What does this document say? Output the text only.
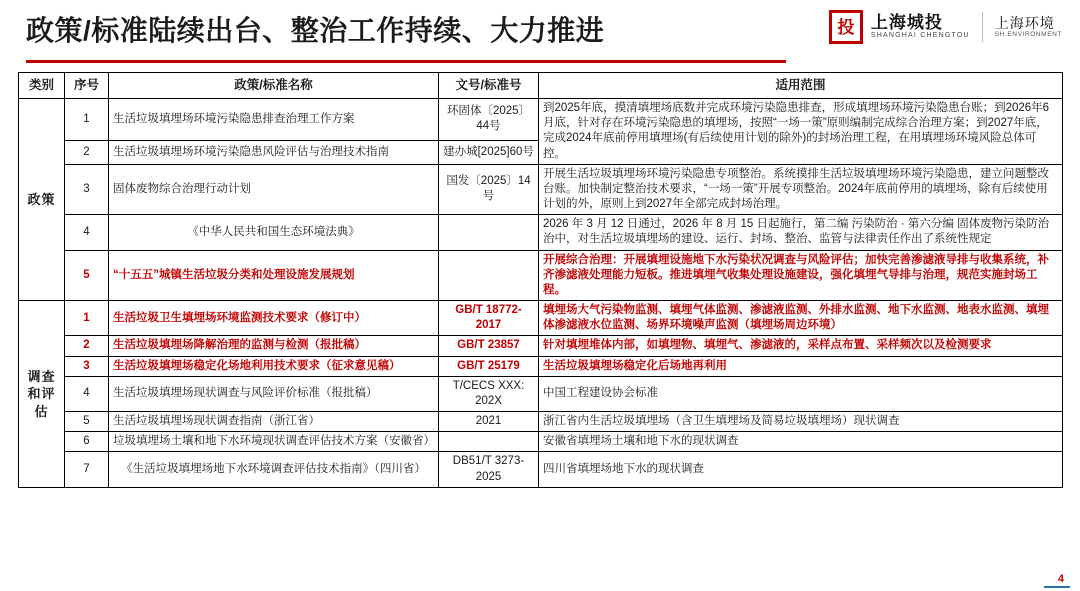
政策/标准陆续出台、整治工作持续、大力推进	投 上海城投
SHANGHAI CHENGTOU
上海环境
SH.ENVIRONMENT
类别	序号	政策/标准名称	文号/标准号	适用范围
政策	1	生活垃圾填埋场环境污染隐患排查治理工作方案	环固体〔2025〕44号	到2025年底，摸清填埋场底数并完成环境污染隐患排查，形成填埋场环境污染隐患台账；到2026年6月底，针对存在环境污染隐患的填埋场，按照“一场一策”原则编制完成综合治理方案；到2027年底，完成2024年底前停用填埋场(有后续使用计划的除外)的封场治理工程，在用填埋场环境风险总体可控。
	2	生活垃圾填埋场环境污染隐患风险评估与治理技术指南	建办城[2025]60号	
	3	固体废物综合治理行动计划	国发〔2025〕14号	开展生活垃圾填埋场环境污染隐患专项整治。系统摸排生活垃圾填埋场环境污染隐患，建立问题整改台账。加快制定整治技术要求，“一场一策”开展专项整治。2024年底前停用的填埋场，除有后续使用计划的外，原则上到2027年全部完成封场治理。
	4	《中华人民共和国生态环境法典》		2026 年 3 月 12 日通过，2026 年 8 月 15 日起施行，第二编 污染防治 · 第六分编 固体废物污染防治治中，对生活垃圾填埋场的建设、运行、封场、整治、监管与法律责任作出了系统性规定
	5	“十五五”城镇生活垃圾分类和处理设施发展规划		开展综合治理：开展填埋设施地下水污染状况调查与风险评估；加快完善渗滤液导排与收集系统，补齐渗滤液处理能力短板。推进填埋气收集处理设施建设，强化填埋气导排与治理，规范实施封场工程。
调查和评估	1	生活垃圾卫生填埋场环境监测技术要求（修订中）	GB/T 18772-2017	填埋场大气污染物监测、填埋气体监测、渗滤液监测、外排水监测、地下水监测、地表水监测、填埋体渗滤液水位监测、场界环境噪声监测（填埋场周边环境）
	2	生活垃圾填埋场降解治理的监测与检测（报批稿）	GB/T 23857	针对填埋堆体内部，如填埋物、填埋气、渗滤液的，采样点布置、采样频次以及检测要求
	3	生活垃圾填埋场稳定化场地利用技术要求（征求意见稿）	GB/T 25179	生活垃圾填埋场稳定化后场地再利用
	4	生活垃圾填埋场现状调查与风险评价标准（报批稿）	T/CECS XXX: 202X	中国工程建设协会标准
	5	生活垃圾填埋场现状调查指南（浙江省）	2021	浙江省内生活垃圾填埋场（含卫生填埋场及简易垃圾填埋场）现状调查
	6	垃圾填埋场土壤和地下水环境现状调查评估技术方案（安徽省）		安徽省填埋场土壤和地下水的现状调查
	7	《生活垃圾填埋场地下水环境调查评估技术指南》（四川省）	DB51/T 3273-2025	四川省填埋场地下水的现状调查
4
